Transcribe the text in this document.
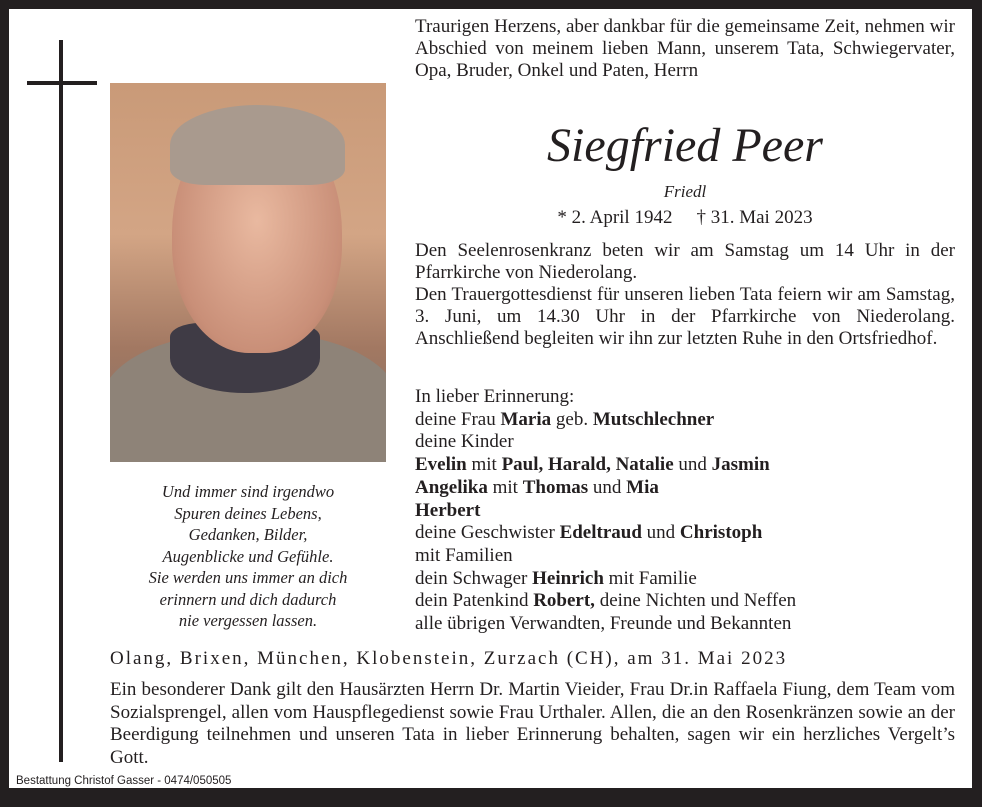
Und immer sind irgendwo
Spuren deines Lebens,
Gedanken, Bilder,
Augenblicke und Gefühle.
Sie werden uns immer an dich
erinnern und dich dadurch
nie vergessen lassen.

Traurigen Herzens, aber dankbar für die gemeinsame Zeit, nehmen wir Abschied von meinem lieben Mann, unserem Tata, Schwiegervater, Opa, Bruder, Onkel und Paten, Herrn

Siegfried Peer
Friedl
* 2. April 1942 † 31. Mai 2023

Den Seelenrosenkranz beten wir am Samstag um 14 Uhr in der Pfarrkirche von Niederolang.

Den Trauergottesdienst für unseren lieben Tata feiern wir am Samstag, 3. Juni, um 14.30 Uhr in der Pfarrkirche von Niederolang. Anschließend begleiten wir ihn zur letzten Ruhe in den Ortsfriedhof.

In lieber Erinnerung:
deine Frau Maria geb. Mutschlechner
deine Kinder
Evelin mit Paul, Harald, Natalie und Jasmin
Angelika mit Thomas und Mia
Herbert
deine Geschwister Edeltraud und Christoph
mit Familien
dein Schwager Heinrich mit Familie
dein Patenkind Robert, deine Nichten und Neffen
alle übrigen Verwandten, Freunde und Bekannten
Olang, Brixen, München, Klobenstein, Zurzach (CH), am 31. Mai 2023

Ein besonderer Dank gilt den Hausärzten Herrn Dr. Martin Vieider, Frau Dr.in Raffaela Fiung, dem Team vom Sozialsprengel, allen vom Hauspflegedienst sowie Frau Urthaler. Allen, die an den Rosenkränzen sowie an der Beerdigung teilnehmen und unseren Tata in lieber Erinnerung behalten, sagen wir ein herzliches Vergelt’s Gott.

Bestattung Christof Gasser - 0474/050505
